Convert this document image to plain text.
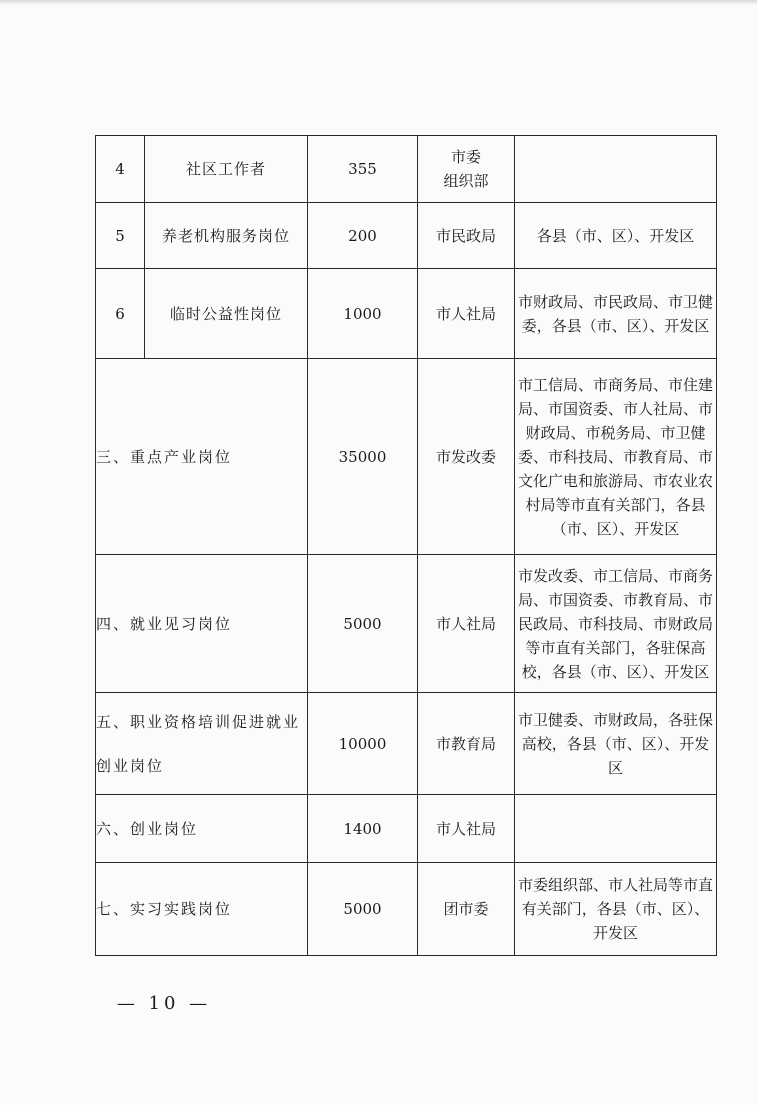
4	社区工作者	355	市委
组织部	
5	养老机构服务岗位	200	市民政局	各县（市、区）、开发区
6	临时公益性岗位	1000	市人社局	市财政局、市民政局、市卫健委，各县（市、区）、开发区
三、重点产业岗位		35000	市发改委	市工信局、市商务局、市住建局、市国资委、市人社局、市财政局、市税务局、市卫健委、市科技局、市教育局、市文化广电和旅游局、市农业农村局等市直有关部门，各县（市、区）、开发区
四、就业见习岗位		5000	市人社局	市发改委、市工信局、市商务局、市国资委、市教育局、市民政局、市科技局、市财政局等市直有关部门，各驻保高校，各县（市、区）、开发区
五、职业资格培训促进就业创业岗位		10000	市教育局	市卫健委、市财政局，各驻保高校，各县（市、区）、开发区
六、创业岗位		1400	市人社局	
七、实习实践岗位		5000	团市委	市委组织部、市人社局等市直有关部门，各县（市、区）、开发区
— 10 —
